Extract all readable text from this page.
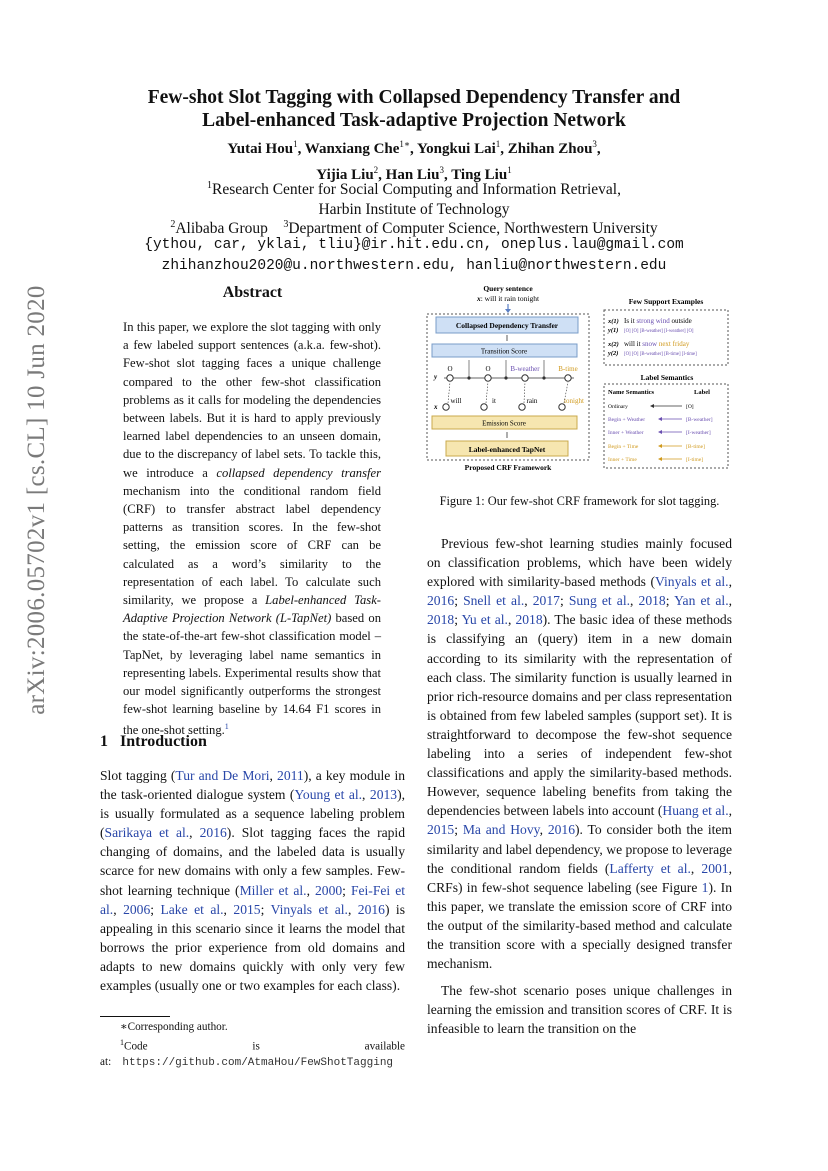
Few-shot Slot Tagging with Collapsed Dependency Transfer and
Label-enhanced Task-adaptive Projection Network
Yutai Hou$^1$, Wanxiang Che$^{1∗}$, Yongkui Lai$^1$, Zhihan Zhou$^3$,
Yijia Liu$^2$, Han Liu$^3$, Ting Liu$^1$
$^1$Research Center for Social Computing and Information Retrieval,
Harbin Institute of Technology
$^2$Alibaba Group $^3$Department of Computer Science, Northwestern University
{ythou, car, yklai, tliu}@ir.hit.edu.cn, oneplus.lau@gmail.com
zhihanzhou2020@u.northwestern.edu, hanliu@northwestern.edu
arXiv:2006.05702v1 [cs.CL] 10 Jun 2020	Abstract
In this paper, we explore the slot tagging with only a few labeled support sentences (a.k.a. few-shot). Few-shot slot tagging faces a unique challenge compared to the other few-shot classification problems as it calls for modeling the dependencies between labels. But it is hard to apply previously learned label dependencies to an unseen domain, due to the discrepancy of label sets. To tackle this, we introduce a collapsed dependency transfer mechanism into the conditional random field (CRF) to transfer abstract label dependency patterns as transition scores. In the few-shot setting, the emission score of CRF can be calculated as a word’s similarity to the representation of each label. To calculate such similarity, we propose a Label-enhanced Task-Adaptive Projection Network (L-TapNet) based on the state-of-the-art few-shot classification model – TapNet, by leveraging label name semantics in representing labels. Experimental results show that our model significantly outperforms the strongest few-shot learning baseline by 14.64 F1 scores in the one-shot setting.$^1$
1 Introduction

Slot tagging (Tur and De Mori, 2011), a key module in the task-oriented dialogue system (Young et al., 2013), is usually formulated as a sequence labeling problem (Sarikaya et al., 2016). Slot tagging faces the rapid changing of domains, and the labeled data is usually scarce for new domains with only a few samples. Few-shot learning technique (Miller et al., 2000; Fei-Fei et al., 2006; Lake et al., 2015; Vinyals et al., 2016) is appealing in this scenario since it learns the model that borrows the prior experience from old domains and adapts to new domains quickly with only very few examples (usually one or two examples for each class).

∗Corresponding author.
$^1$Code is available at: https://github.com/AtmaHou/FewShotTagging
Query sentence
x: will it rain tonight
Collapsed Dependency Transfer
Transition Score
y
O	O	B-weather	B-time
x
will	it	rain	tonight
Emission Score
Label-enhanced TapNet
Proposed CRF Framework
Few Support Examples
x(1) Is it strong wind outside
y(1) [O] [O] [B-weather] [I-weather] [O]
x(2) will it snow next friday
y(2) [O] [O] [B-weather] [B-time] [I-time]
Label Semantics
Name Semantics	Label
Ordinary	[O]
Begin + Weather	[B-weather]
Inner + Weather	[I-weather]
Begin + Time	[B-time]
Inner + Time	[I-time]
Figure 1: Our few-shot CRF framework for slot tagging.

Previous few-shot learning studies mainly focused on classification problems, which have been widely explored with similarity-based methods (Vinyals et al., 2016; Snell et al., 2017; Sung et al., 2018; Yan et al., 2018; Yu et al., 2018). The basic idea of these methods is classifying an (query) item in a new domain according to its similarity with the representation of each class. The similarity function is usually learned in prior rich-resource domains and per class representation is obtained from few labeled samples (support set). It is straightforward to decompose the few-shot sequence labeling into a series of independent few-shot classifications and apply the similarity-based methods. However, sequence labeling benefits from taking the dependencies between labels into account (Huang et al., 2015; Ma and Hovy, 2016). To consider both the item similarity and label dependency, we propose to leverage the conditional random fields (Lafferty et al., 2001, CRFs) in few-shot sequence labeling (see Figure 1). In this paper, we translate the emission score of CRF into the output of the similarity-based method and calculate the transition score with a specially designed transfer mechanism.

The few-shot scenario poses unique challenges in learning the emission and transition scores of CRF. It is infeasible to learn the transition on the
